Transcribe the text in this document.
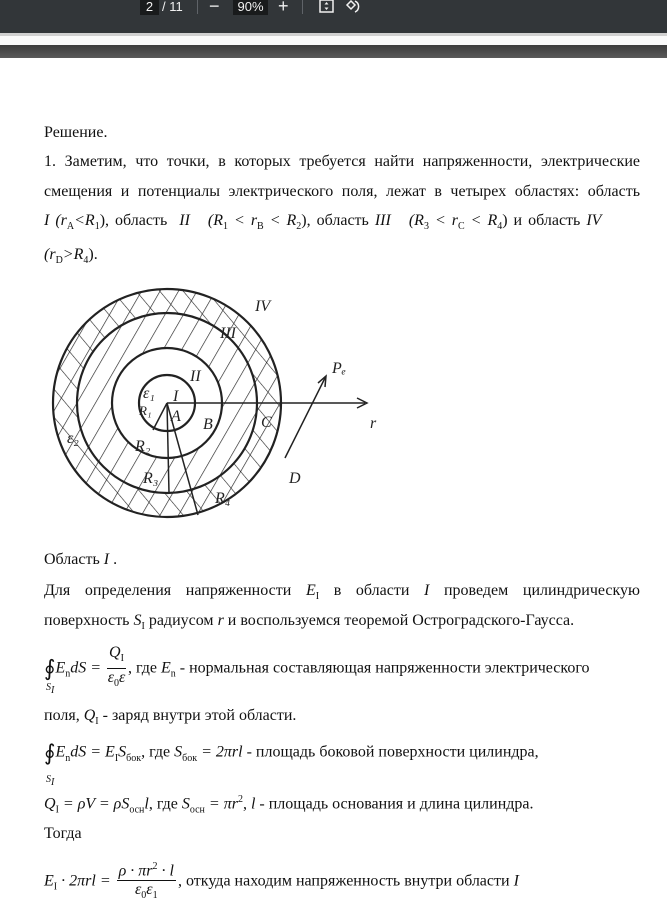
2 / 11 −	90% +
Решение.
1. Заметим, что точки, в которых требуется найти напряженности, электрические
смещения и потенциалы электрического поля, лежат в четырех областях: область
I $(r_A<R_1)$, область II $(R_1 < r_B < R_2)$, область III $(R_3 < r_C < R_4)$ и область IV
$(r_D>R_4)$.
IV
III
II
I
A B	C
ε₁
ε₂
R₁
R₂
R₃
R₄
Pₑ
D
r
Область I .
Для определения напряженности $E_I$ в области I проведем цилиндрическую
поверхность $S_I$ радиусом r и воспользуемся теоремой Остроградского-Гаусса.
$∮E_ndS = \frac{Q_I}{\varepsilon_0\varepsilon}$ , где $E_n$ - нормальная составляющая напряженности электрического
$S_I$
поля, $Q_I$ - заряд внутри этой области.
$∮E_ndS = E_IS_{бок}$, где $S_{бок} = 2\pi rl$ - площадь боковой поверхности цилиндра,
$S_I$
$Q_I = \rho V = \rho S_{осн}l$, где $S_{осн} = \pi r^2$, l - площадь основания и длина цилиндра.
Тогда
$E_I \cdot 2\pi rl = \frac{\rho \cdot \pi r^2 \cdot l}{\varepsilon_0\varepsilon_1}$ , откуда находим напряженность внутри области I
